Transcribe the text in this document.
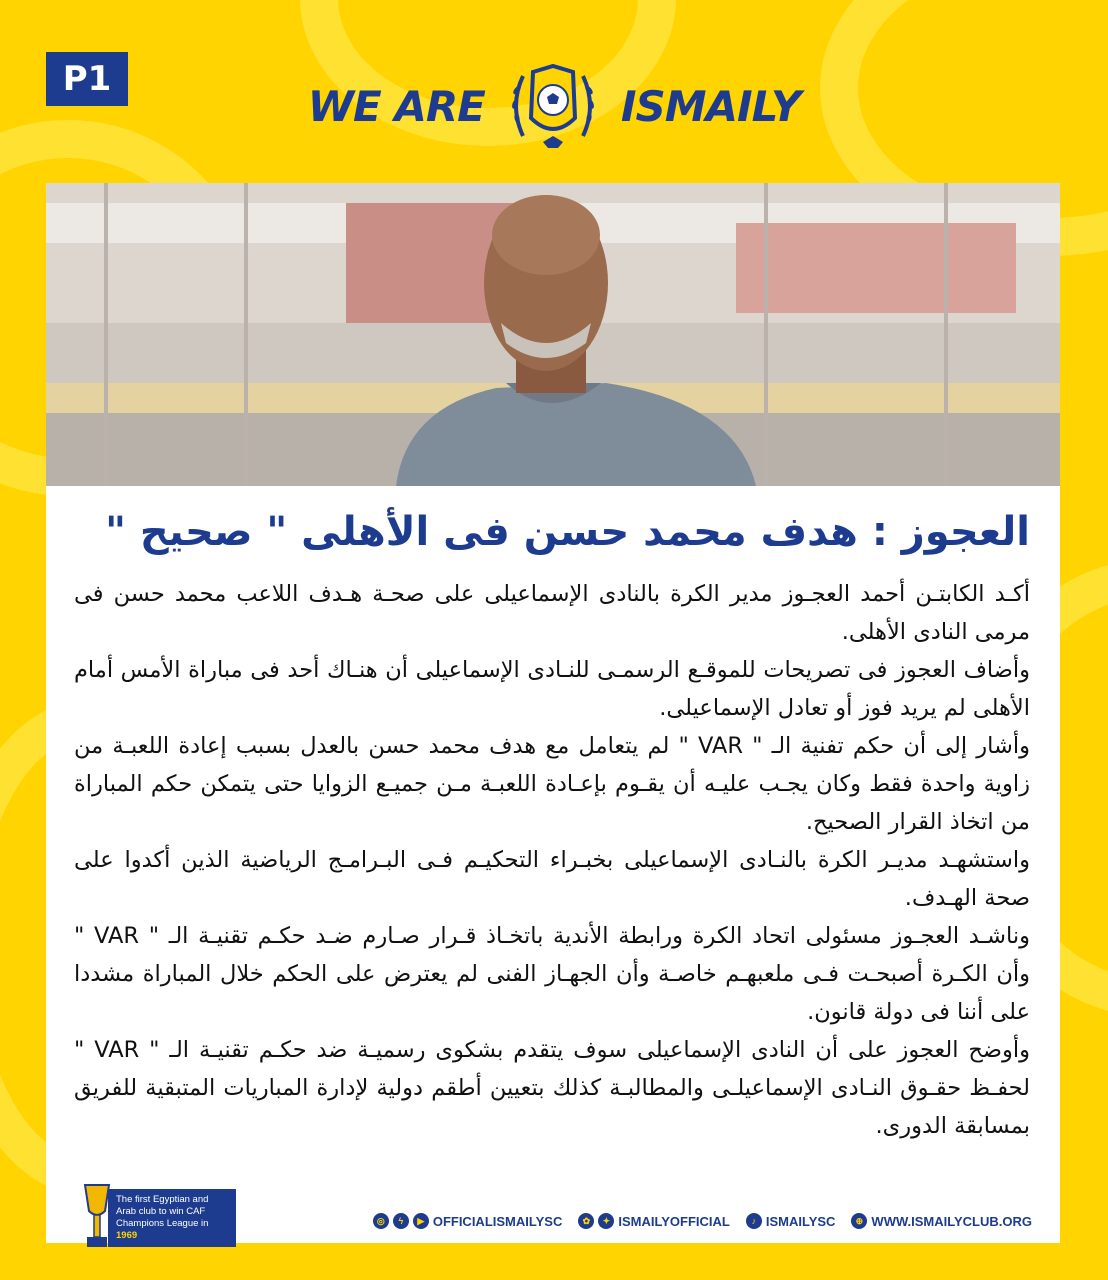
P1
WE ARE	ISMAILY
العجوز : هدف محمد حسن فى الأهلى " صحيح "

أكـد الكابتـن أحمد العجـوز مدير الكرة بالنادى الإسماعيلى على صحـة هـدف اللاعب محمد حسن فى مرمى النادى الأهلى.

وأضاف العجوز فى تصريحات للموقـع الرسمـى للنـادى الإسماعيلى أن هنـاك أحد فى مباراة الأمس أمام الأهلى لم يريد فوز أو تعادل الإسماعيلى.

وأشار إلى أن حكم تفنية الـ " VAR " لم يتعامل مع هدف محمد حسن بالعدل بسبب إعادة اللعبـة من زاوية واحدة فقط وكان يجـب عليـه أن يقـوم بإعـادة اللعبـة مـن جميـع الزوايا حتى يتمكن حكم المباراة من اتخاذ القرار الصحيح.

واستشهـد مديـر الكرة بالنـادى الإسماعيلى بخبـراء التحكيـم فـى البـرامـج الرياضية الذين أكدوا على صحة الهـدف.

وناشـد العجـوز مسئولى اتحاد الكرة ورابطة الأندية باتخـاذ قـرار صـارم ضـد حكـم تقنيـة الـ " VAR " وأن الكـرة أصبحـت فـى ملعبهـم خاصـة وأن الجهـاز الفنى لم يعترض على الحكم خلال المباراة مشددا على أننا فى دولة قانون.

وأوضح العجوز على أن النادى الإسماعيلى سوف يتقدم بشكوى رسميـة ضد حكـم تقنيـة الـ " VAR " لحفـظ حقـوق النـادى الإسماعيلـى والمطالبـة كذلك بتعيين أطقم دولية لإدارة المباريات المتبقية للفريق بمسابقة الدورى.

The first Egyptian and Arab club to win CAF Champions League in 1969
◎	ϟ	▶ OFFICIALISMAILYSC	✿	✦ ISMAILYOFFICIAL	♪ ISMAILYSC	⊕ WWW.ISMAILYCLUB.ORG
